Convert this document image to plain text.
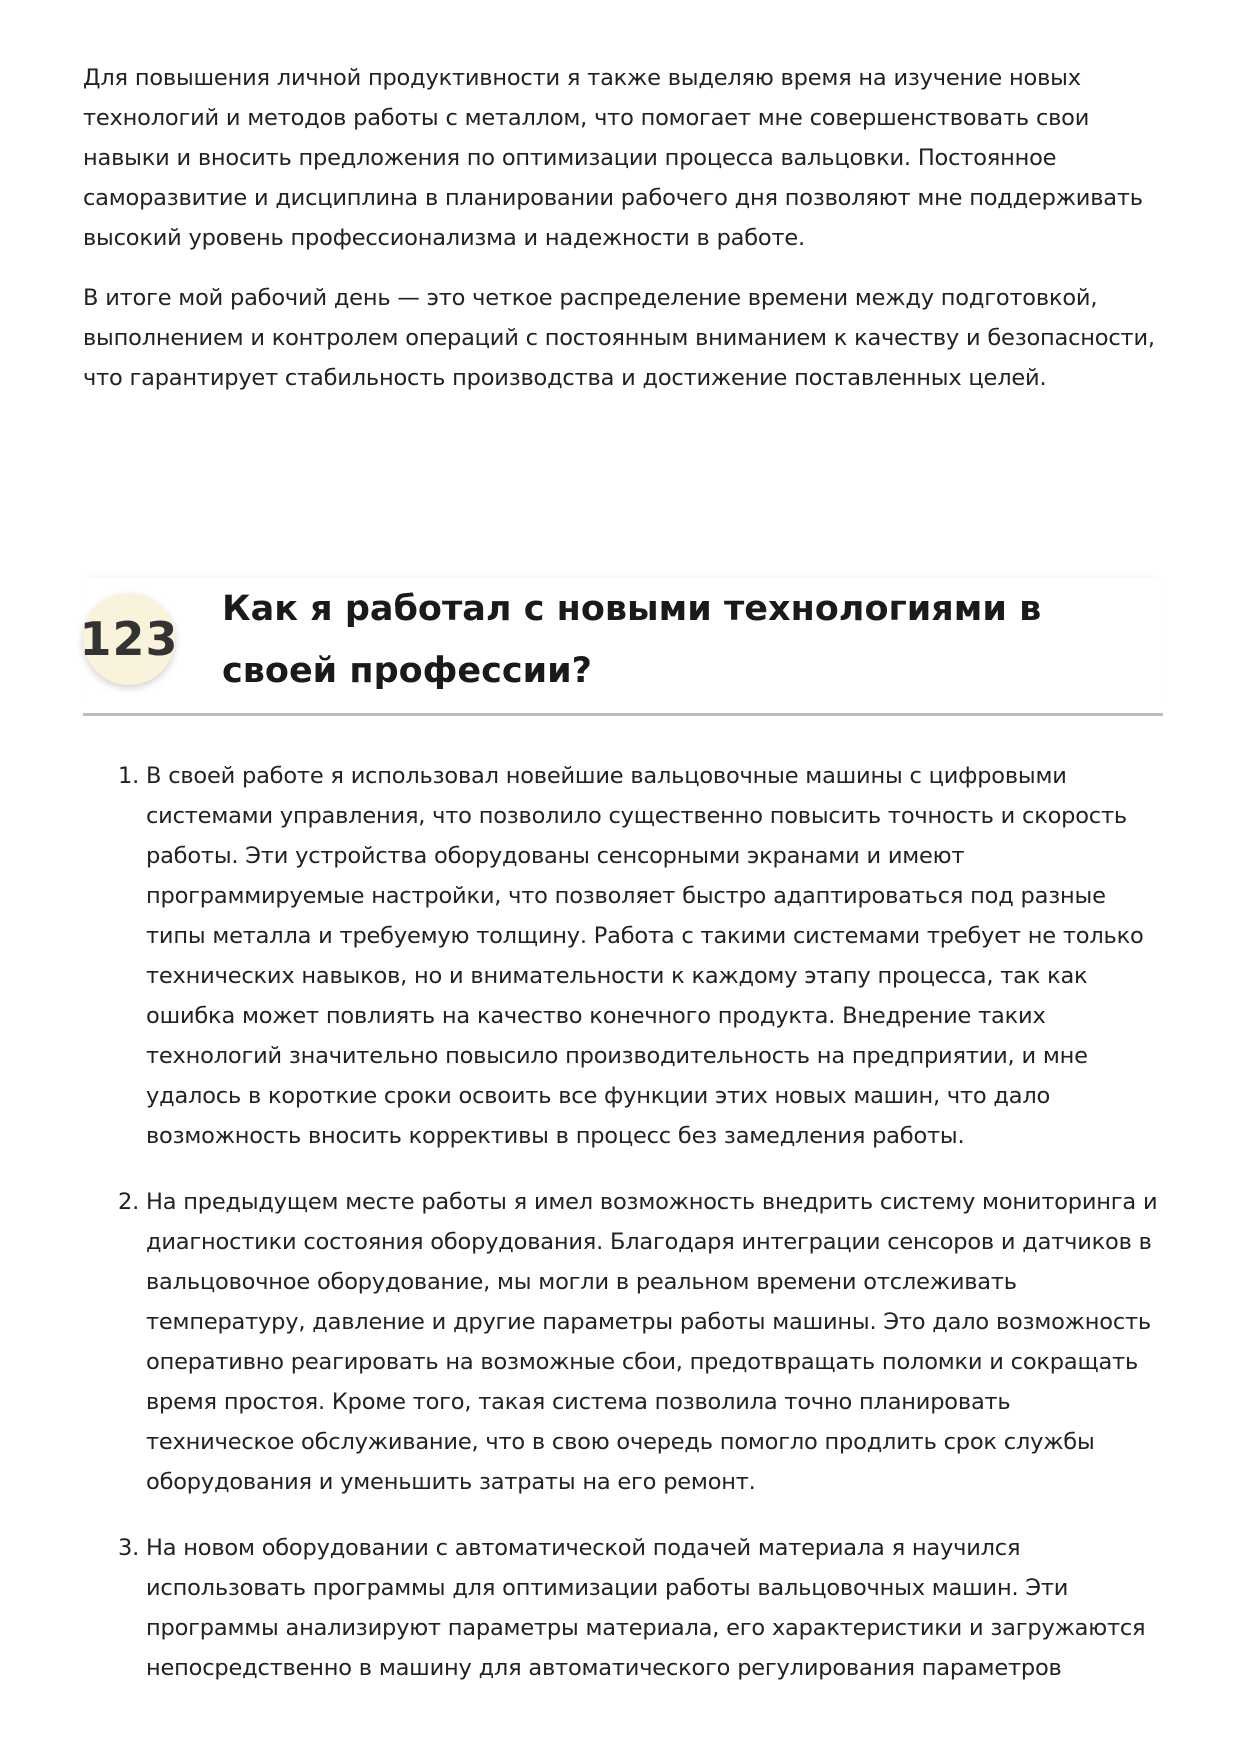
Для повышения личной продуктивности я также выделяю время на изучение новых технологий и методов работы с металлом, что помогает мне совершенствовать свои навыки и вносить предложения по оптимизации процесса вальцовки. Постоянное саморазвитие и дисциплина в планировании рабочего дня позволяют мне поддерживать высокий уровень профессионализма и надежности в работе.

В итоге мой рабочий день — это четкое распределение времени между подготовкой, выполнением и контролем операций с постоянным вниманием к качеству и безопасности, что гарантирует стабильность производства и достижение поставленных целей.

123
Как я работал с новыми технологиями в своей профессии?
1. В своей работе я использовал новейшие вальцовочные машины с цифровыми системами управления, что позволило существенно повысить точность и скорость работы. Эти устройства оборудованы сенсорными экранами и имеют программируемые настройки, что позволяет быстро адаптироваться под разные типы металла и требуемую толщину. Работа с такими системами требует не только технических навыков, но и внимательности к каждому этапу процесса, так как ошибка может повлиять на качество конечного продукта. Внедрение таких технологий значительно повысило производительность на предприятии, и мне удалось в короткие сроки освоить все функции этих новых машин, что дало возможность вносить коррективы в процесс без замедления работы.
2. На предыдущем месте работы я имел возможность внедрить систему мониторинга и диагностики состояния оборудования. Благодаря интеграции сенсоров и датчиков в вальцовочное оборудование, мы могли в реальном времени отслеживать температуру, давление и другие параметры работы машины. Это дало возможность оперативно реагировать на возможные сбои, предотвращать поломки и сокращать время простоя. Кроме того, такая система позволила точно планировать техническое обслуживание, что в свою очередь помогло продлить срок службы оборудования и уменьшить затраты на его ремонт.
3. На новом оборудовании с автоматической подачей материала я научился использовать программы для оптимизации работы вальцовочных машин. Эти программы анализируют параметры материала, его характеристики и загружаются непосредственно в машину для автоматического регулирования параметров
